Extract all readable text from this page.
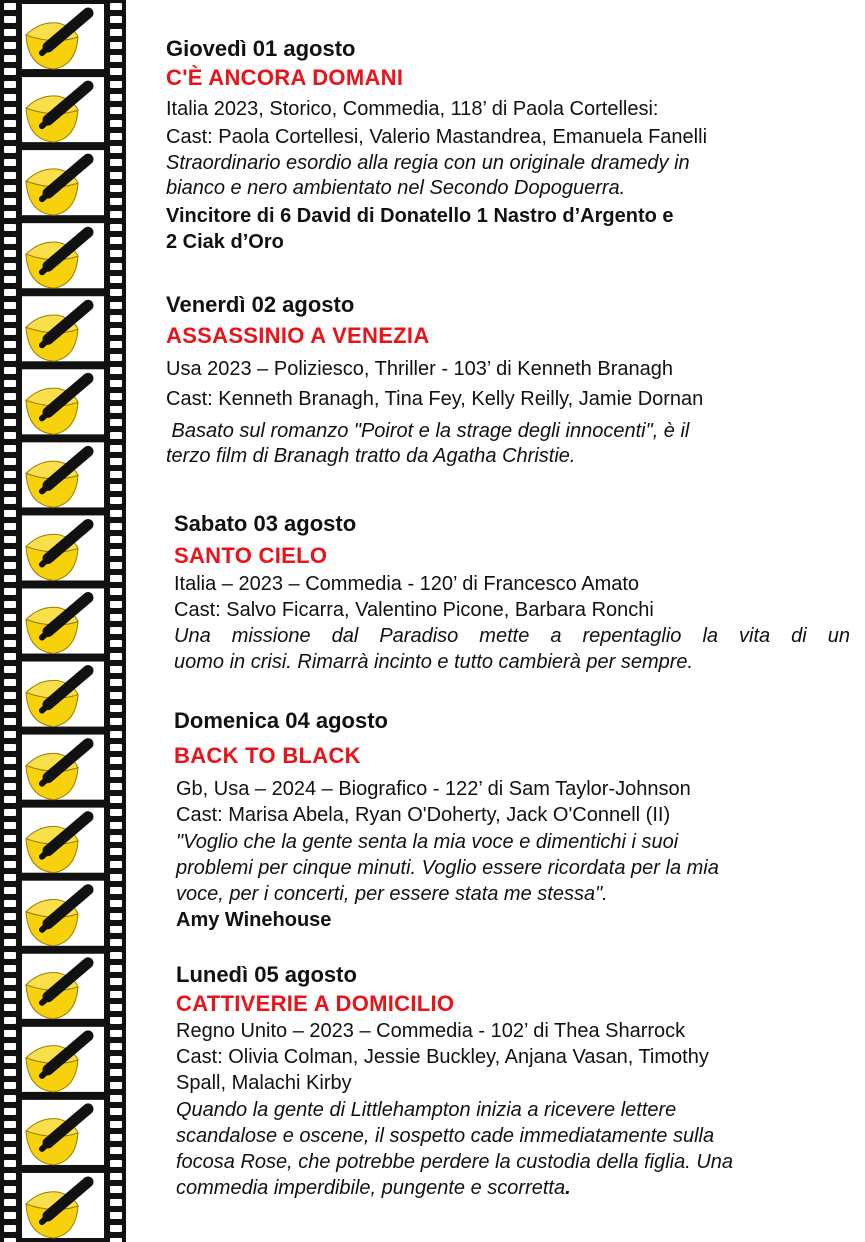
Giovedì 01 agosto
C'È ANCORA DOMANI
Italia 2023, Storico, Commedia, 118’ di Paola Cortellesi:
Cast: Paola Cortellesi, Valerio Mastandrea, Emanuela Fanelli
Straordinario esordio alla regia con un originale dramedy in
bianco e nero ambientato nel Secondo Dopoguerra.
Vincitore di 6 David di Donatello 1 Nastro d’Argento e
2 Ciak d’Oro
Venerdì 02 agosto
ASSASSINIO A VENEZIA
Usa 2023 – Poliziesco, Thriller - 103’ di Kenneth Branagh
Cast: Kenneth Branagh, Tina Fey, Kelly Reilly, Jamie Dornan
Basato sul romanzo "Poirot e la strage degli innocenti", è il
terzo film di Branagh tratto da Agatha Christie.
Sabato 03 agosto
SANTO CIELO
Italia – 2023 – Commedia - 120’ di Francesco Amato
Cast: Salvo Ficarra, Valentino Picone, Barbara Ronchi
Una missione dal Paradiso mette a repentaglio la vita di un
uomo in crisi. Rimarrà incinto e tutto cambierà per sempre.
Domenica 04 agosto
BACK TO BLACK
Gb, Usa – 2024 – Biografico - 122’ di Sam Taylor-Johnson
Cast: Marisa Abela, Ryan O'Doherty, Jack O'Connell (II)
"Voglio che la gente senta la mia voce e dimentichi i suoi
problemi per cinque minuti. Voglio essere ricordata per la mia
voce, per i concerti, per essere stata me stessa".
Amy Winehouse
Lunedì 05 agosto
CATTIVERIE A DOMICILIO
Regno Unito – 2023 – Commedia - 102’ di Thea Sharrock
Cast: Olivia Colman, Jessie Buckley, Anjana Vasan, Timothy
Spall, Malachi Kirby
Quando la gente di Littlehampton inizia a ricevere lettere
scandalose e oscene, il sospetto cade immediatamente sulla
focosa Rose, che potrebbe perdere la custodia della figlia. Una
commedia imperdibile, pungente e scorretta.
